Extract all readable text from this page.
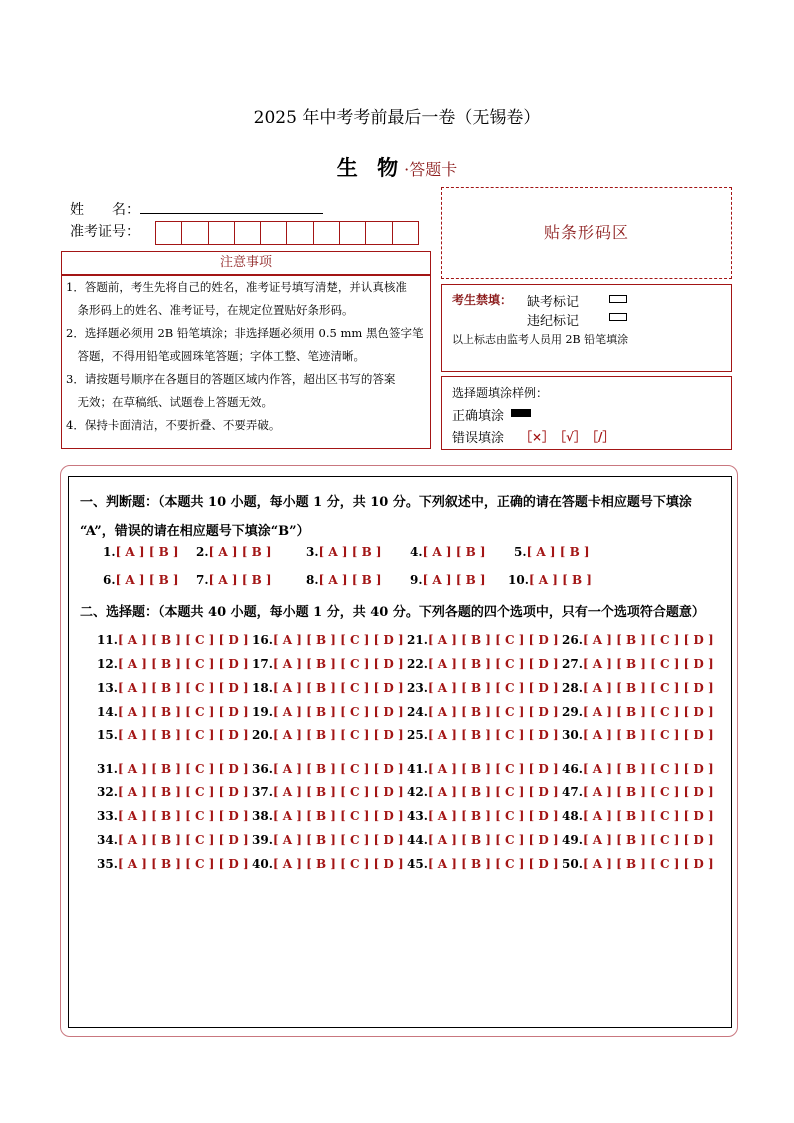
2025 年中考考前最后一卷（无锡卷）
生 物·答题卡
姓　　名：
准考证号：	贴条形码区
注意事项
1．答题前，考生先将自己的姓名，准考证号填写清楚，并认真核准
　条形码上的姓名、准考证号，在规定位置贴好条形码。
2．选择题必须用 2B 铅笔填涂；非选择题必须用 0.5 mm 黑色签字笔
　答题，不得用铅笔或圆珠笔答题；字体工整、笔迹清晰。
3．请按题号顺序在各题目的答题区域内作答，超出区书写的答案
　无效；在草稿纸、试题卷上答题无效。
4．保持卡面清洁，不要折叠、不要弄破。
考生禁填： 缺考标记
违纪标记
以上标志由监考人员用 2B 铅笔填涂
选择题填涂样例：
正确填涂
错误填涂 ［×］　［√］　［/］
一、判断题：（本题共 10 小题，每小题 1 分，共 10 分。下列叙述中，正确的请在答题卡相应题号下填涂
“A”，错误的请在相应题号下填涂“B”）
1.[ A ] [ B ] 2.[ A ] [ B ]	3.[ A ] [ B ] 4.[ A ] [ B ] 5.[ A ] [ B ]
6.[ A ] [ B ] 7.[ A ] [ B ]	8.[ A ] [ B ] 9.[ A ] [ B ] 10.[ A ] [ B ]
二、选择题：（本题共 40 小题，每小题 1 分，共 40 分。下列各题的四个选项中，只有一个选项符合题意）
11.[ A ] [ B ] [ C ] [ D ]
12.[ A ] [ B ] [ C ] [ D ]
13.[ A ] [ B ] [ C ] [ D ]
14.[ A ] [ B ] [ C ] [ D ]
15.[ A ] [ B ] [ C ] [ D ]
16.[ A ] [ B ] [ C ] [ D ]
17.[ A ] [ B ] [ C ] [ D ]
18.[ A ] [ B ] [ C ] [ D ]
19.[ A ] [ B ] [ C ] [ D ]
20.[ A ] [ B ] [ C ] [ D ]
21.[ A ] [ B ] [ C ] [ D ]
22.[ A ] [ B ] [ C ] [ D ]
23.[ A ] [ B ] [ C ] [ D ]
24.[ A ] [ B ] [ C ] [ D ]
25.[ A ] [ B ] [ C ] [ D ]
26.[ A ] [ B ] [ C ] [ D ]
27.[ A ] [ B ] [ C ] [ D ]
28.[ A ] [ B ] [ C ] [ D ]
29.[ A ] [ B ] [ C ] [ D ]
30.[ A ] [ B ] [ C ] [ D ]
31.[ A ] [ B ] [ C ] [ D ]
32.[ A ] [ B ] [ C ] [ D ]
33.[ A ] [ B ] [ C ] [ D ]
34.[ A ] [ B ] [ C ] [ D ]
35.[ A ] [ B ] [ C ] [ D ]
36.[ A ] [ B ] [ C ] [ D ]
37.[ A ] [ B ] [ C ] [ D ]
38.[ A ] [ B ] [ C ] [ D ]
39.[ A ] [ B ] [ C ] [ D ]
40.[ A ] [ B ] [ C ] [ D ]
41.[ A ] [ B ] [ C ] [ D ]
42.[ A ] [ B ] [ C ] [ D ]
43.[ A ] [ B ] [ C ] [ D ]
44.[ A ] [ B ] [ C ] [ D ]
45.[ A ] [ B ] [ C ] [ D ]
46.[ A ] [ B ] [ C ] [ D ]
47.[ A ] [ B ] [ C ] [ D ]
48.[ A ] [ B ] [ C ] [ D ]
49.[ A ] [ B ] [ C ] [ D ]
50.[ A ] [ B ] [ C ] [ D ]
